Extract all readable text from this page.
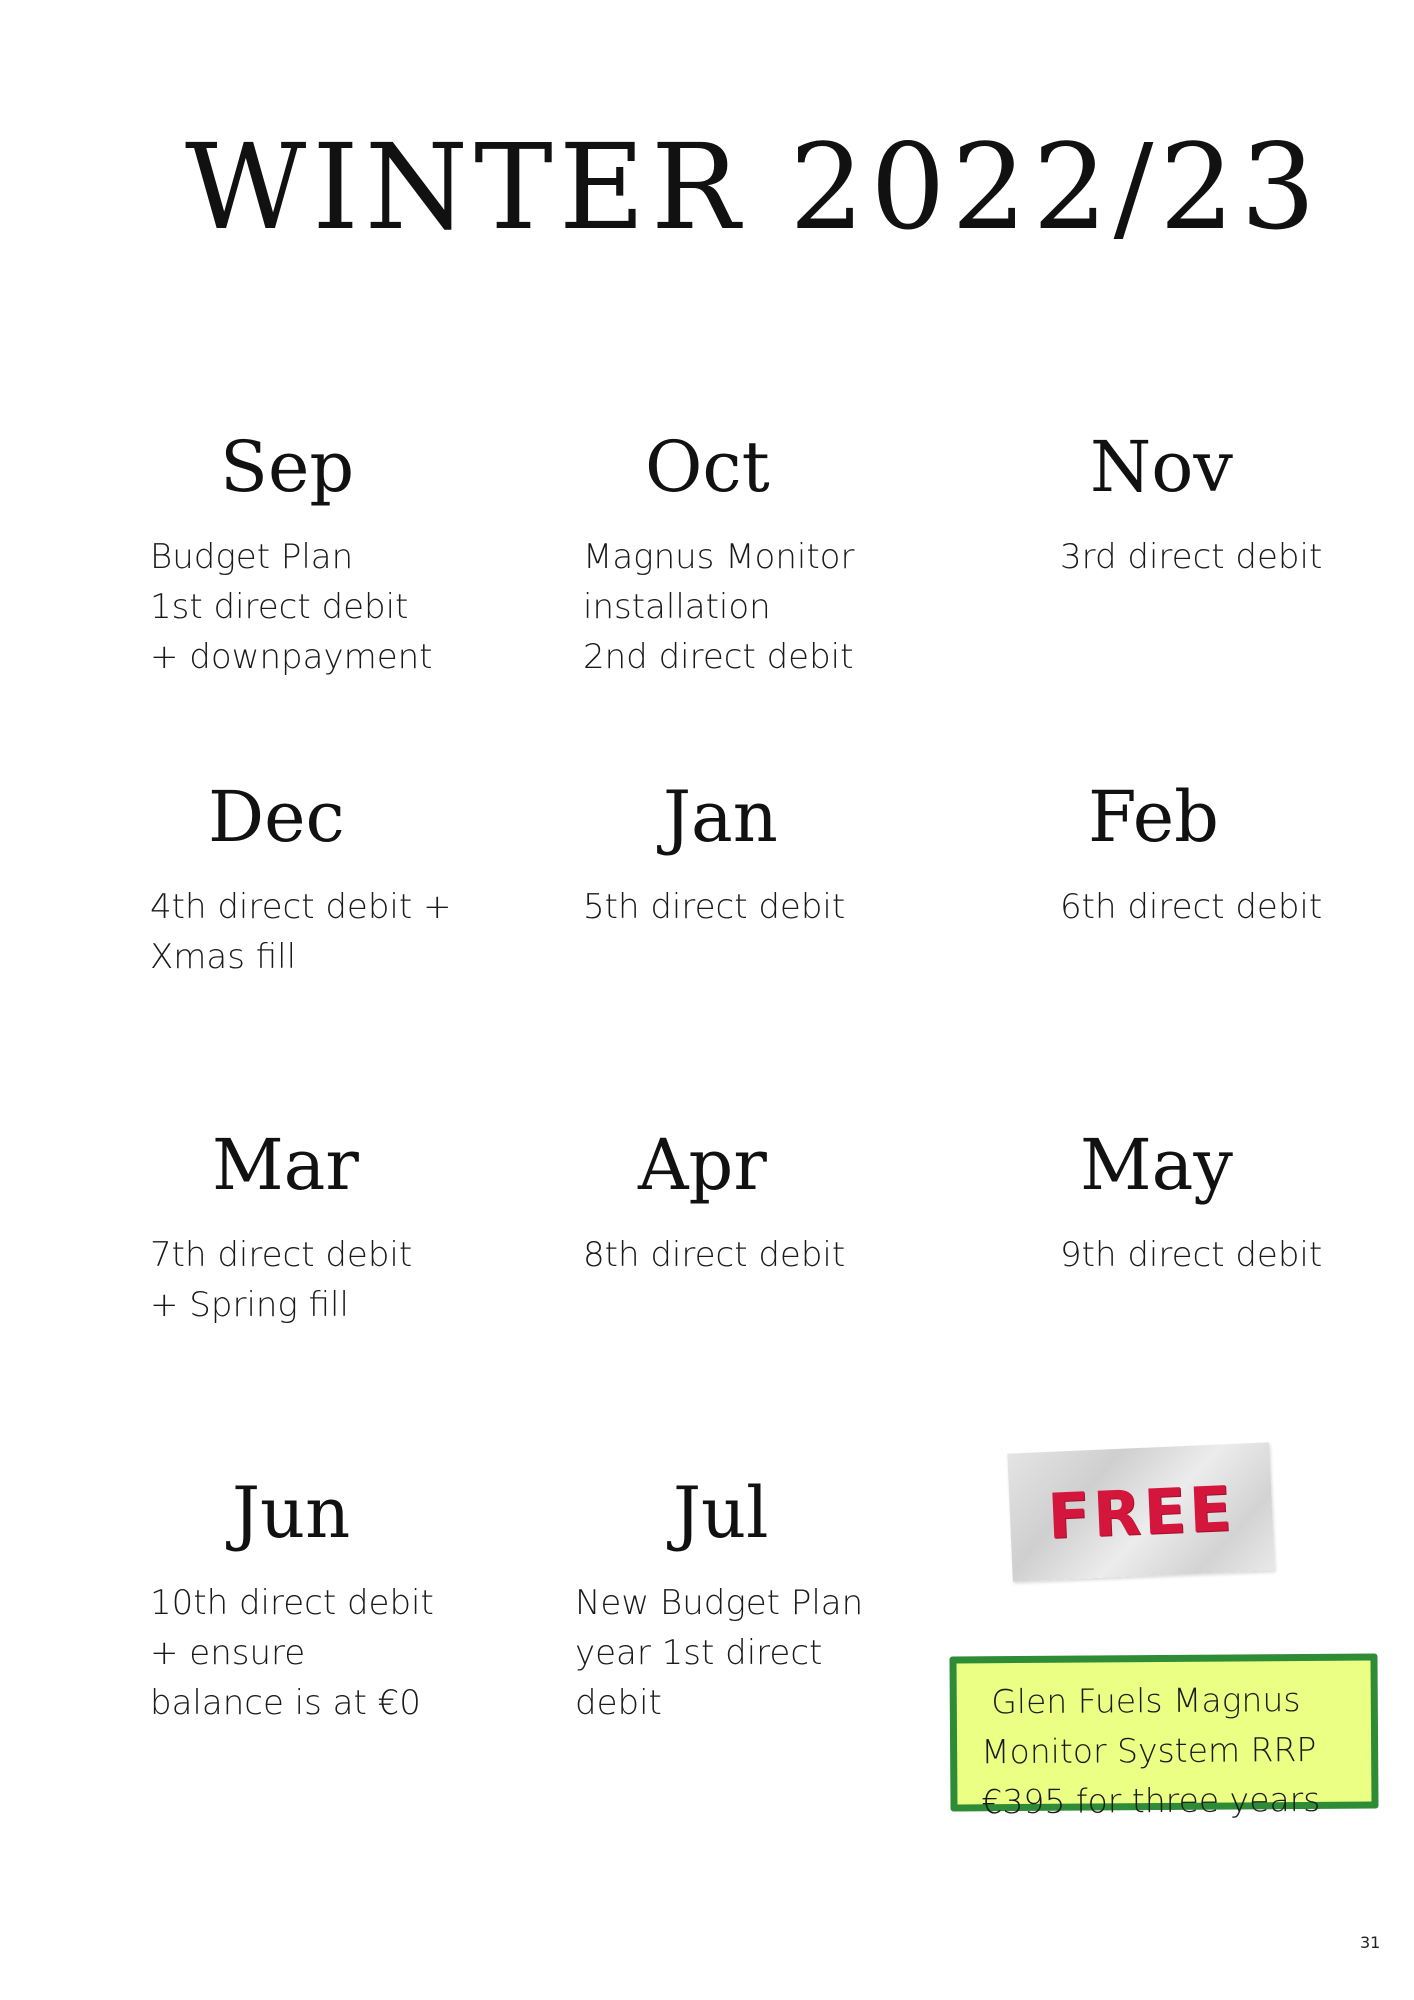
WINTER 2022/23
Sep
Budget Plan
1st direct debit
+ downpayment
Oct
Magnus Monitor
installation
2nd direct debit
Nov
3rd direct debit
Dec
4th direct debit +
Xmas fill
Jan
5th direct debit
Feb
6th direct debit
Mar
7th direct debit
+ Spring fill
Apr
8th direct debit
May
9th direct debit
Jun
10th direct debit
+ ensure
balance is at €0
Jul
New Budget Plan
year 1st direct
debit
FREE
Glen Fuels Magnus
Monitor System RRP
€395 for three years
31
